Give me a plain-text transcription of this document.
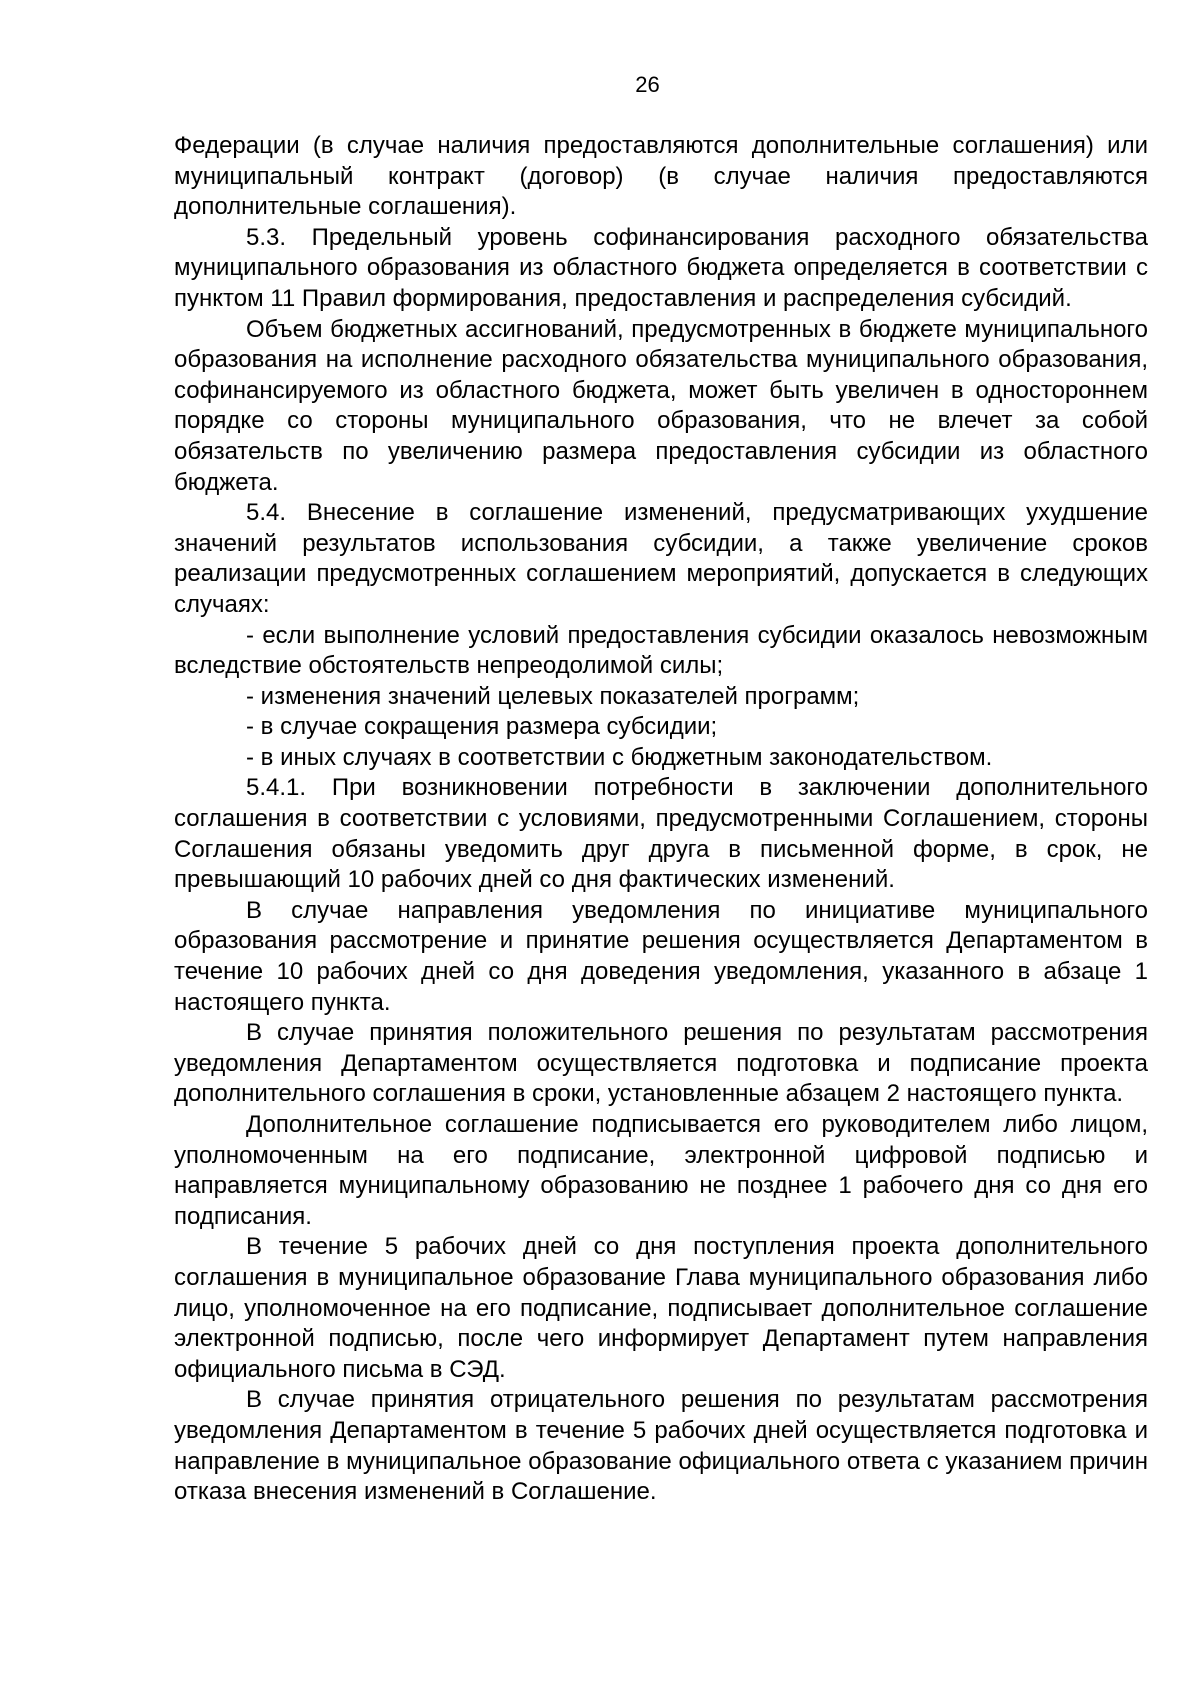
26

Федерации (в случае наличия предоставляются дополнительные соглашения) или муниципальный контракт (договор) (в случае наличия предоставляются дополнительные соглашения).

5.3. Предельный уровень софинансирования расходного обязательства муниципального образования из областного бюджета определяется в соответствии с пунктом 11 Правил формирования, предоставления и распределения субсидий.

Объем бюджетных ассигнований, предусмотренных в бюджете муниципального образования на исполнение расходного обязательства муниципального образования, софинансируемого из областного бюджета, может быть увеличен в одностороннем порядке со стороны муниципального образования, что не влечет за собой обязательств по увеличению размера предоставления субсидии из областного бюджета.

5.4. Внесение в соглашение изменений, предусматривающих ухудшение значений результатов использования субсидии, а также увеличение сроков реализации предусмотренных соглашением мероприятий, допускается в следующих случаях:

- если выполнение условий предоставления субсидии оказалось невозможным вследствие обстоятельств непреодолимой силы;

- изменения значений целевых показателей программ;

- в случае сокращения размера субсидии;

- в иных случаях в соответствии с бюджетным законодательством.

5.4.1. При возникновении потребности в заключении дополнительного соглашения в соответствии с условиями, предусмотренными Соглашением, стороны Соглашения обязаны уведомить друг друга в письменной форме, в срок, не превышающий 10 рабочих дней со дня фактических изменений.

В случае направления уведомления по инициативе муниципального образования рассмотрение и принятие решения осуществляется Департаментом в течение 10 рабочих дней со дня доведения уведомления, указанного в абзаце 1 настоящего пункта.

В случае принятия положительного решения по результатам рассмотрения уведомления Департаментом осуществляется подготовка и подписание проекта дополнительного соглашения в сроки, установленные абзацем 2 настоящего пункта.

Дополнительное соглашение подписывается его руководителем либо лицом, уполномоченным на его подписание, электронной цифровой подписью и направляется муниципальному образованию не позднее 1 рабочего дня со дня его подписания.

В течение 5 рабочих дней со дня поступления проекта дополнительного соглашения в муниципальное образование Глава муниципального образования либо лицо, уполномоченное на его подписание, подписывает дополнительное соглашение электронной подписью, после чего информирует Департамент путем направления официального письма в СЭД.

В случае принятия отрицательного решения по результатам рассмотрения уведомления Департаментом в течение 5 рабочих дней осуществляется подготовка и направление в муниципальное образование официального ответа с указанием причин отказа внесения изменений в Соглашение.
